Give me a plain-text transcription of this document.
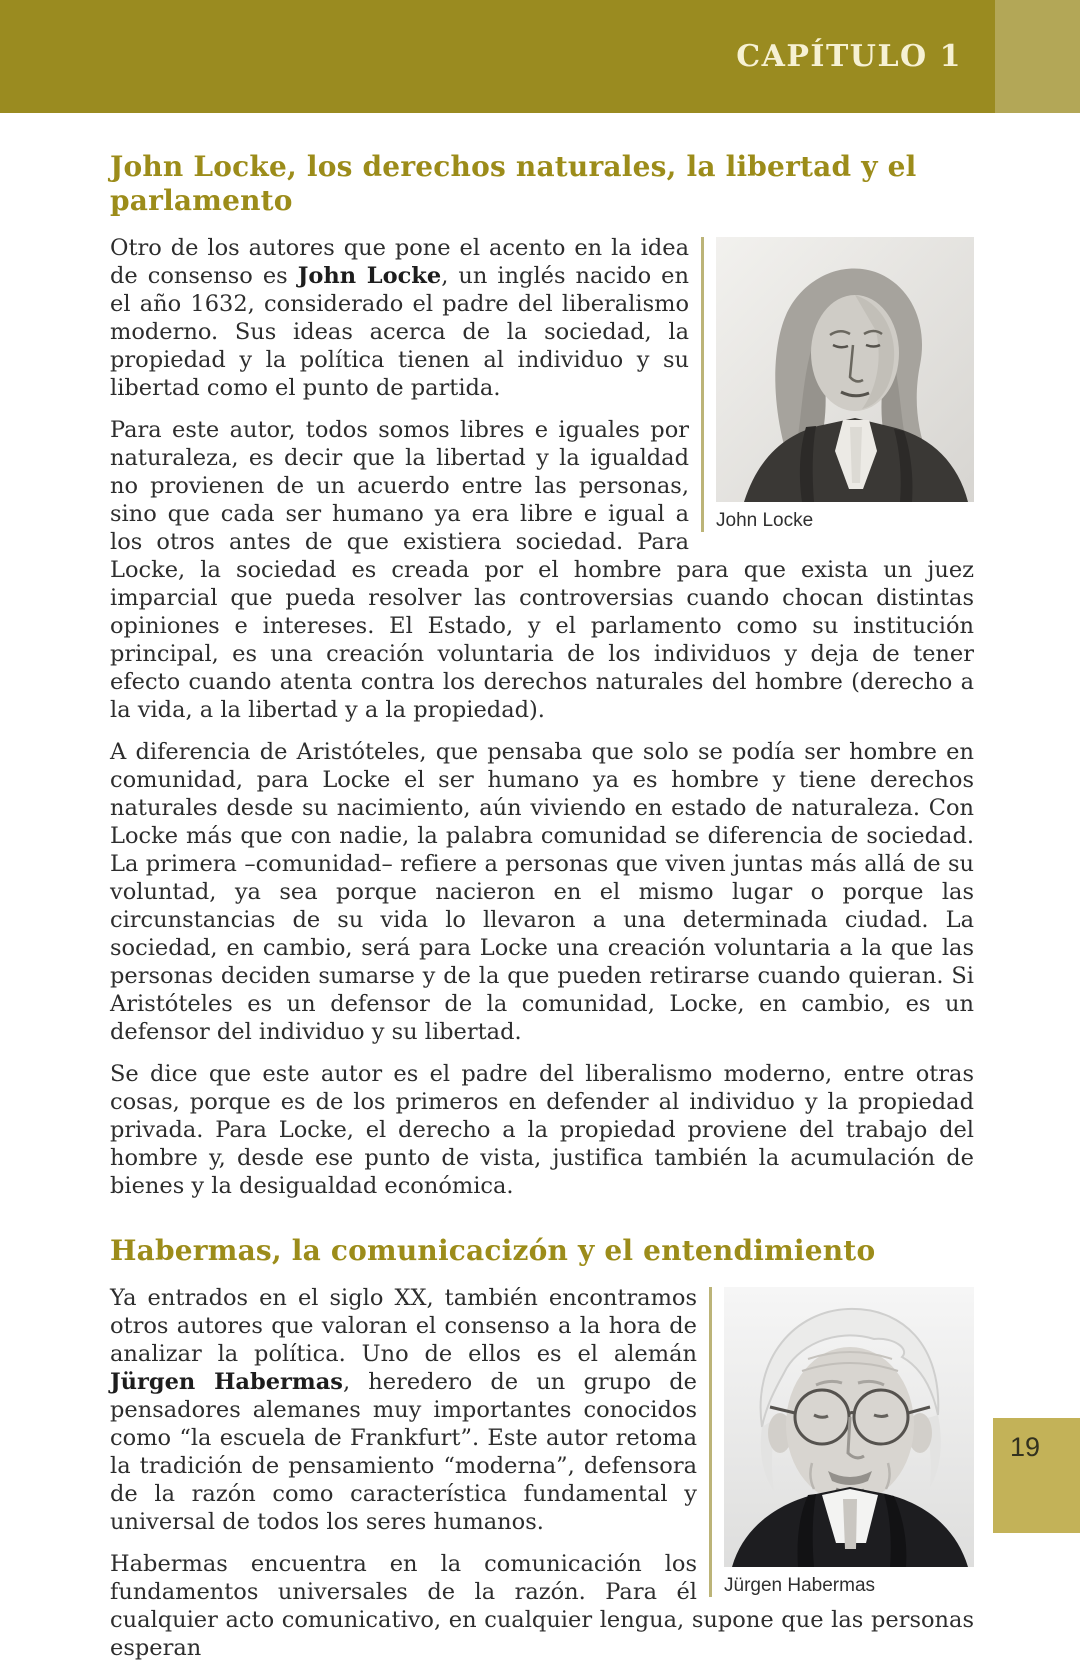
CAPÍTULO 1
John Locke, los derechos naturales, la libertad y el parlamento
John Locke

Otro de los autores que pone el acento en la idea de consenso es John Locke, un inglés nacido en el año 1632, considerado el padre del liberalismo moderno. Sus ideas acerca de la sociedad, la propiedad y la política tienen al individuo y su libertad como el punto de partida.

Para este autor, todos somos libres e iguales por naturaleza, es decir que la libertad y la igualdad no provienen de un acuerdo entre las personas, sino que cada ser humano ya era libre e igual a los otros antes de que existiera sociedad. Para Locke, la sociedad es creada por el hombre para que exista un juez imparcial que pueda resolver las controversias cuando chocan distintas opiniones e intereses. El Estado, y el parlamento como su institución principal, es una creación voluntaria de los individuos y deja de tener efecto cuando atenta contra los derechos naturales del hombre (derecho a la vida, a la libertad y a la propiedad).

A diferencia de Aristóteles, que pensaba que solo se podía ser hombre en comunidad, para Locke el ser humano ya es hombre y tiene derechos naturales desde su nacimiento, aún viviendo en estado de naturaleza. Con Locke más que con nadie, la palabra comunidad se diferencia de sociedad. La primera –comunidad– refiere a personas que viven juntas más allá de su voluntad, ya sea porque nacieron en el mismo lugar o porque las circunstancias de su vida lo llevaron a una determinada ciudad. La sociedad, en cambio, será para Locke una creación voluntaria a la que las personas deciden sumarse y de la que pueden retirarse cuando quieran. Si Aristóteles es un defensor de la comunidad, Locke, en cambio, es un defensor del individuo y su libertad.

Se dice que este autor es el padre del liberalismo moderno, entre otras cosas, porque es de los primeros en defender al individuo y la propiedad privada. Para Locke, el derecho a la propiedad proviene del trabajo del hombre y, desde ese punto de vista, justifica también la acumulación de bienes y la desigualdad económica.

Habermas, la comunicacizón y el entendimiento
Jürgen Habermas

Ya entrados en el siglo XX, también encontramos otros autores que valoran el consenso a la hora de analizar la política. Uno de ellos es el alemán Jürgen Habermas, heredero de un grupo de pensadores alemanes muy importantes conocidos como “la escuela de Frankfurt”. Este autor retoma la tradición de pensamiento “moderna”, defensora de la razón como característica fundamental y universal de todos los seres humanos.

Habermas encuentra en la comunicación los fundamentos universales de la razón. Para él cualquier acto comunicativo, en cualquier lengua, supone que las personas esperan

19
